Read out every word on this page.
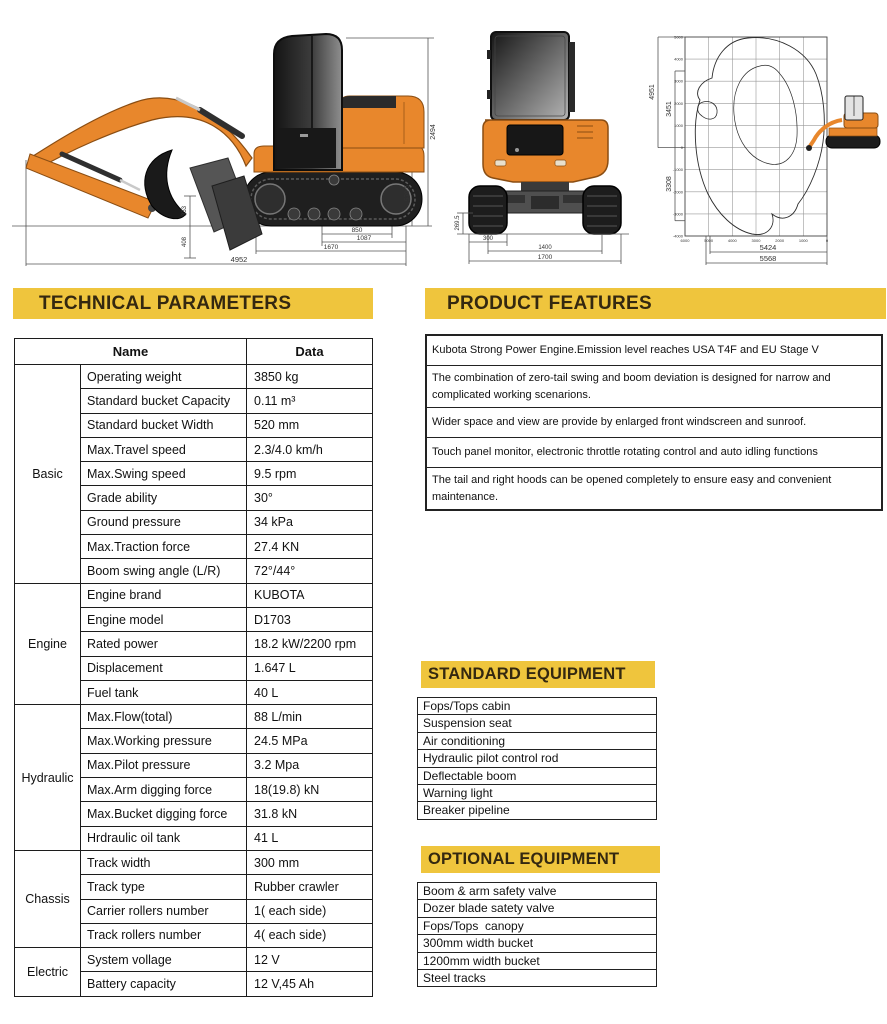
2494
579.5
850
1087
1670
4952
353
408
269.5
300
1400
1700
4951
3451
3308
5424
5568
5000
4000
3000
2000
1000
0
-1000
-2000
-3000
-4000
6000	5000	4000	3000	2000	1000	0
TECHNICAL PARAMETERS
Name		Data
Basic	Operating weight	3850 kg
	Standard bucket Capacity	0.11 m³
	Standard bucket Width	520 mm
	Max.Travel speed	2.3/4.0 km/h
	Max.Swing speed	9.5 rpm
	Grade ability	30°
	Ground pressure	34 kPa
	Max.Traction force	27.4 KN
	Boom swing angle (L/R)	72°/44°
Engine	Engine brand	KUBOTA
	Engine model	D1703
	Rated power	18.2 kW/2200 rpm
	Displacement	1.647 L
	Fuel tank	40 L
Hydraulic	Max.Flow(total)	88 L/min
	Max.Working pressure	24.5 MPa
	Max.Pilot pressure	3.2 Mpa
	Max.Arm digging force	18(19.8) kN
	Max.Bucket digging force	31.8 kN
	Hrdraulic oil tank	41 L
Chassis	Track width	300 mm
	Track type	Rubber crawler
	Carrier rollers number	1( each side)
	Track rollers number	4( each side)
Electric	System vollage	12 V
	Battery capacity	12 V,45 Ah
PRODUCT FEATURES
Kubota Strong Power Engine.Emission level reaches USA T4F and EU Stage V
The combination of zero-tail swing and boom deviation is designed for narrow and complicated working scenarions.
Wider space and view are provide by enlarged front windscreen and sunroof.
Touch panel monitor, electronic throttle rotating control and auto idling functions
The tail and right hoods can be opened completely to ensure easy and convenient maintenance.
STANDARD EQUIPMENT
Fops/Tops cabin
Suspension seat
Air conditioning
Hydraulic pilot control rod
Deflectable boom
Warning light
Breaker pipeline
OPTIONAL EQUIPMENT
Boom & arm safety valve
Dozer blade satety valve
Fops/Tops  canopy
300mm width bucket
1200mm width bucket
Steel tracks
